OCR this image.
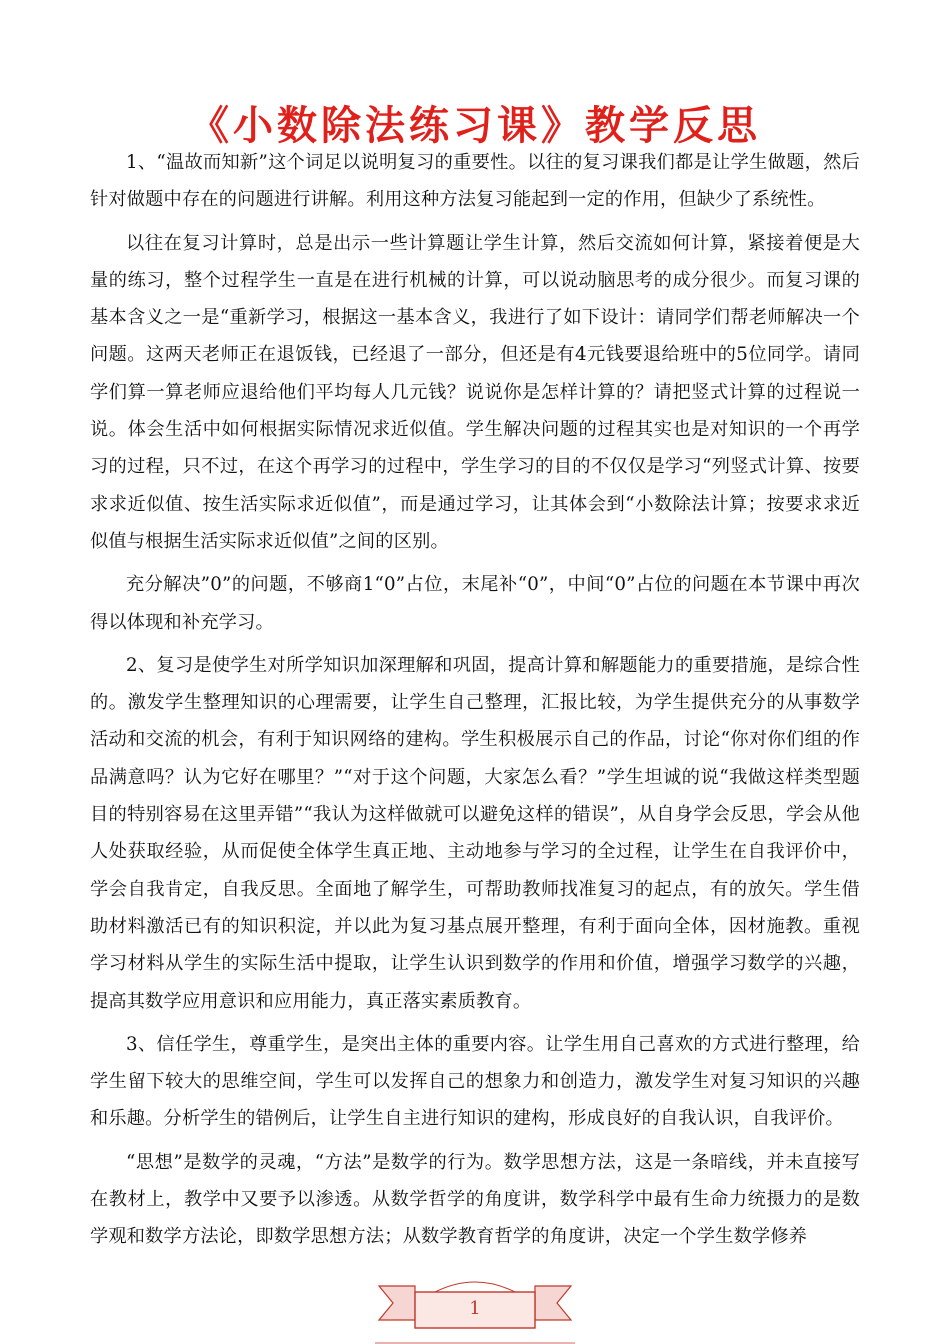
《小数除法练习课》教学反思

1、“温故而知新”这个词足以说明复习的重要性。以往的复习课我们都是让学生做题，然后针对做题中存在的问题进行讲解。利用这种方法复习能起到一定的作用，但缺少了系统性。

以往在复习计算时，总是出示一些计算题让学生计算，然后交流如何计算，紧接着便是大量的练习，整个过程学生一直是在进行机械的计算，可以说动脑思考的成分很少。而复习课的基本含义之一是“重新学习，根据这一基本含义，我进行了如下设计：请同学们帮老师解决一个问题。这两天老师正在退饭钱，已经退了一部分，但还是有4元钱要退给班中的5位同学。请同学们算一算老师应退给他们平均每人几元钱？说说你是怎样计算的？请把竖式计算的过程说一说。体会生活中如何根据实际情况求近似值。学生解决问题的过程其实也是对知识的一个再学习的过程，只不过，在这个再学习的过程中，学生学习的目的不仅仅是学习“列竖式计算、按要求求近似值、按生活实际求近似值”，而是通过学习，让其体会到“小数除法计算；按要求求近似值与根据生活实际求近似值”之间的区别。

充分解决”0”的问题，不够商1“0”占位，末尾补“0”，中间“0”占位的问题在本节课中再次得以体现和补充学习。

2、复习是使学生对所学知识加深理解和巩固，提高计算和解题能力的重要措施，是综合性的。激发学生整理知识的心理需要，让学生自己整理，汇报比较，为学生提供充分的从事数学活动和交流的机会，有利于知识网络的建构。学生积极展示自己的作品，讨论“你对你们组的作品满意吗？认为它好在哪里？”“对于这个问题，大家怎么看？”学生坦诚的说“我做这样类型题目的特别容易在这里弄错”“我认为这样做就可以避免这样的错误”，从自身学会反思，学会从他人处获取经验，从而促使全体学生真正地、主动地参与学习的全过程，让学生在自我评价中，学会自我肯定，自我反思。全面地了解学生，可帮助教师找准复习的起点，有的放矢。学生借助材料激活已有的知识积淀，并以此为复习基点展开整理，有利于面向全体，因材施教。重视学习材料从学生的实际生活中提取，让学生认识到数学的作用和价值，增强学习数学的兴趣，提高其数学应用意识和应用能力，真正落实素质教育。

3、信任学生，尊重学生，是突出主体的重要内容。让学生用自己喜欢的方式进行整理，给学生留下较大的思维空间，学生可以发挥自己的想象力和创造力，激发学生对复习知识的兴趣和乐趣。分析学生的错例后，让学生自主进行知识的建构，形成良好的自我认识，自我评价。

“思想”是数学的灵魂，“方法”是数学的行为。数学思想方法，这是一条暗线，并未直接写在教材上，教学中又要予以渗透。从数学哲学的角度讲，数学科学中最有生命力统摄力的是数学观和数学方法论，即数学思想方法；从数学教育哲学的角度讲，决定一个学生数学修养

1
